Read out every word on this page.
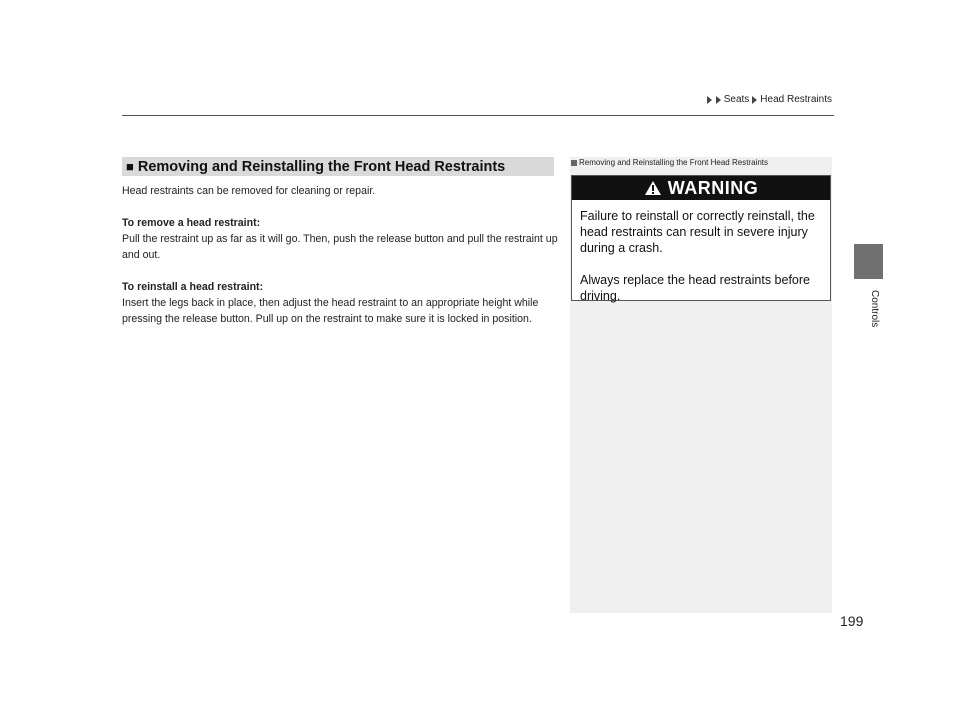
Seats Head Restraints
Controls
■ Removing and Reinstalling the Front Head Restraints

Head restraints can be removed for cleaning or repair.

To remove a head restraint:

Pull the restraint up as far as it will go. Then, push the release button and pull the restraint up and out.

To reinstall a head restraint:

Insert the legs back in place, then adjust the head restraint to an appropriate height while pressing the release button. Pull up on the restraint to make sure it is locked in position.

Removing and Reinstalling the Front Head Restraints
WARNING

Failure to reinstall or correctly reinstall, the head restraints can result in severe injury during a crash.

Always replace the head restraints before driving.

199
